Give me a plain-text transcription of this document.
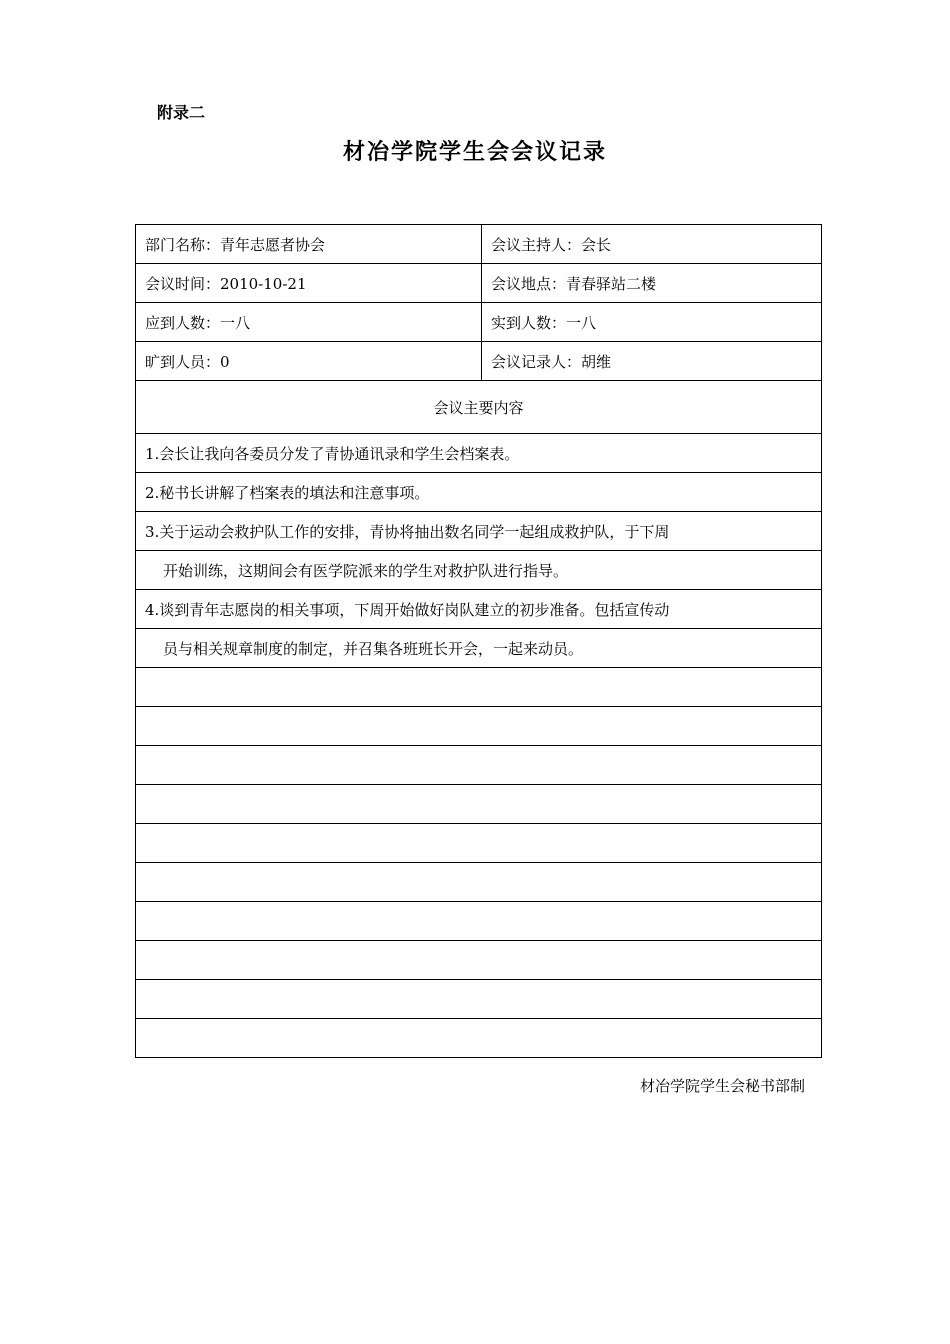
附录二
材冶学院学生会会议记录
部门名称：青年志愿者协会	会议主持人：会长
会议时间：2010-10-21	会议地点：青春驿站二楼
应到人数：一八	实到人数：一八
旷到人员：0	会议记录人：胡维
会议主要内容	
1.会长让我向各委员分发了青协通讯录和学生会档案表。	
2.秘书长讲解了档案表的填法和注意事项。	
3.关于运动会救护队工作的安排，青协将抽出数名同学一起组成救护队，于下周	
开始训练，这期间会有医学院派来的学生对救护队进行指导。	
4.谈到青年志愿岗的相关事项，下周开始做好岗队建立的初步准备。包括宣传动	
员与相关规章制度的制定，并召集各班班长开会，一起来动员。	

材冶学院学生会秘书部制
